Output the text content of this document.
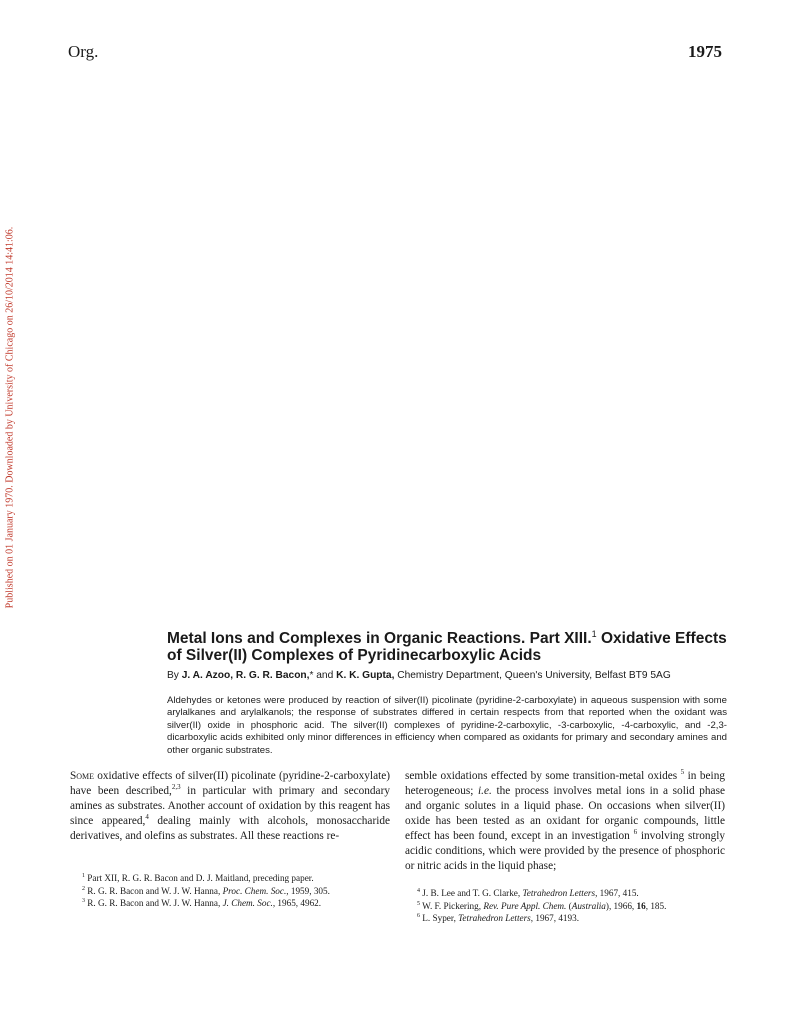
Org.	1975
Published on 01 January 1970. Downloaded by University of Chicago on 26/10/2014 14:41:06.
Metal Ions and Complexes in Organic Reactions. Part XIII.$^1$ Oxidative Effects of Silver(II) Complexes of Pyridinecarboxylic Acids
By J. A. Azoo, R. G. R. Bacon,* and K. K. Gupta, Chemistry Department, Queen's University, Belfast BT9 5AG
Aldehydes or ketones were produced by reaction of silver(II) picolinate (pyridine-2-carboxylate) in aqueous suspension with some arylalkanes and arylalkanols; the response of substrates differed in certain respects from that reported when the oxidant was silver(II) oxide in phosphoric acid. The silver(II) complexes of pyridine-2-carboxylic, -3-carboxylic, -4-carboxylic, and -2,3-dicarboxylic acids exhibited only minor differences in efficiency when compared as oxidants for primary and secondary amines and other organic substrates.
Some oxidative effects of silver(II) picolinate (pyridine-2-carboxylate) have been described,$^{2,3}$ in particular with primary and secondary amines as substrates. Another account of oxidation by this reagent has since appeared,$^4$ dealing mainly with alcohols, monosaccharide derivatives, and olefins as substrates. All these reactions re-
semble oxidations effected by some transition-metal oxides $^5$ in being heterogeneous; i.e. the process involves metal ions in a solid phase and organic solutes in a liquid phase. On occasions when silver(II) oxide has been tested as an oxidant for organic compounds, little effect has been found, except in an investigation $^6$ involving strongly acidic conditions, which were provided by the presence of phosphoric or nitric acids in the liquid phase;

$^1$ Part XII, R. G. R. Bacon and D. J. Maitland, preceding paper.

$^2$ R. G. R. Bacon and W. J. W. Hanna, Proc. Chem. Soc., 1959, 305.

$^3$ R. G. R. Bacon and W. J. W. Hanna, J. Chem. Soc., 1965, 4962.

$^4$ J. B. Lee and T. G. Clarke, Tetrahedron Letters, 1967, 415.

$^5$ W. F. Pickering, Rev. Pure Appl. Chem. (Australia), 1966, 16, 185.

$^6$ L. Syper, Tetrahedron Letters, 1967, 4193.
